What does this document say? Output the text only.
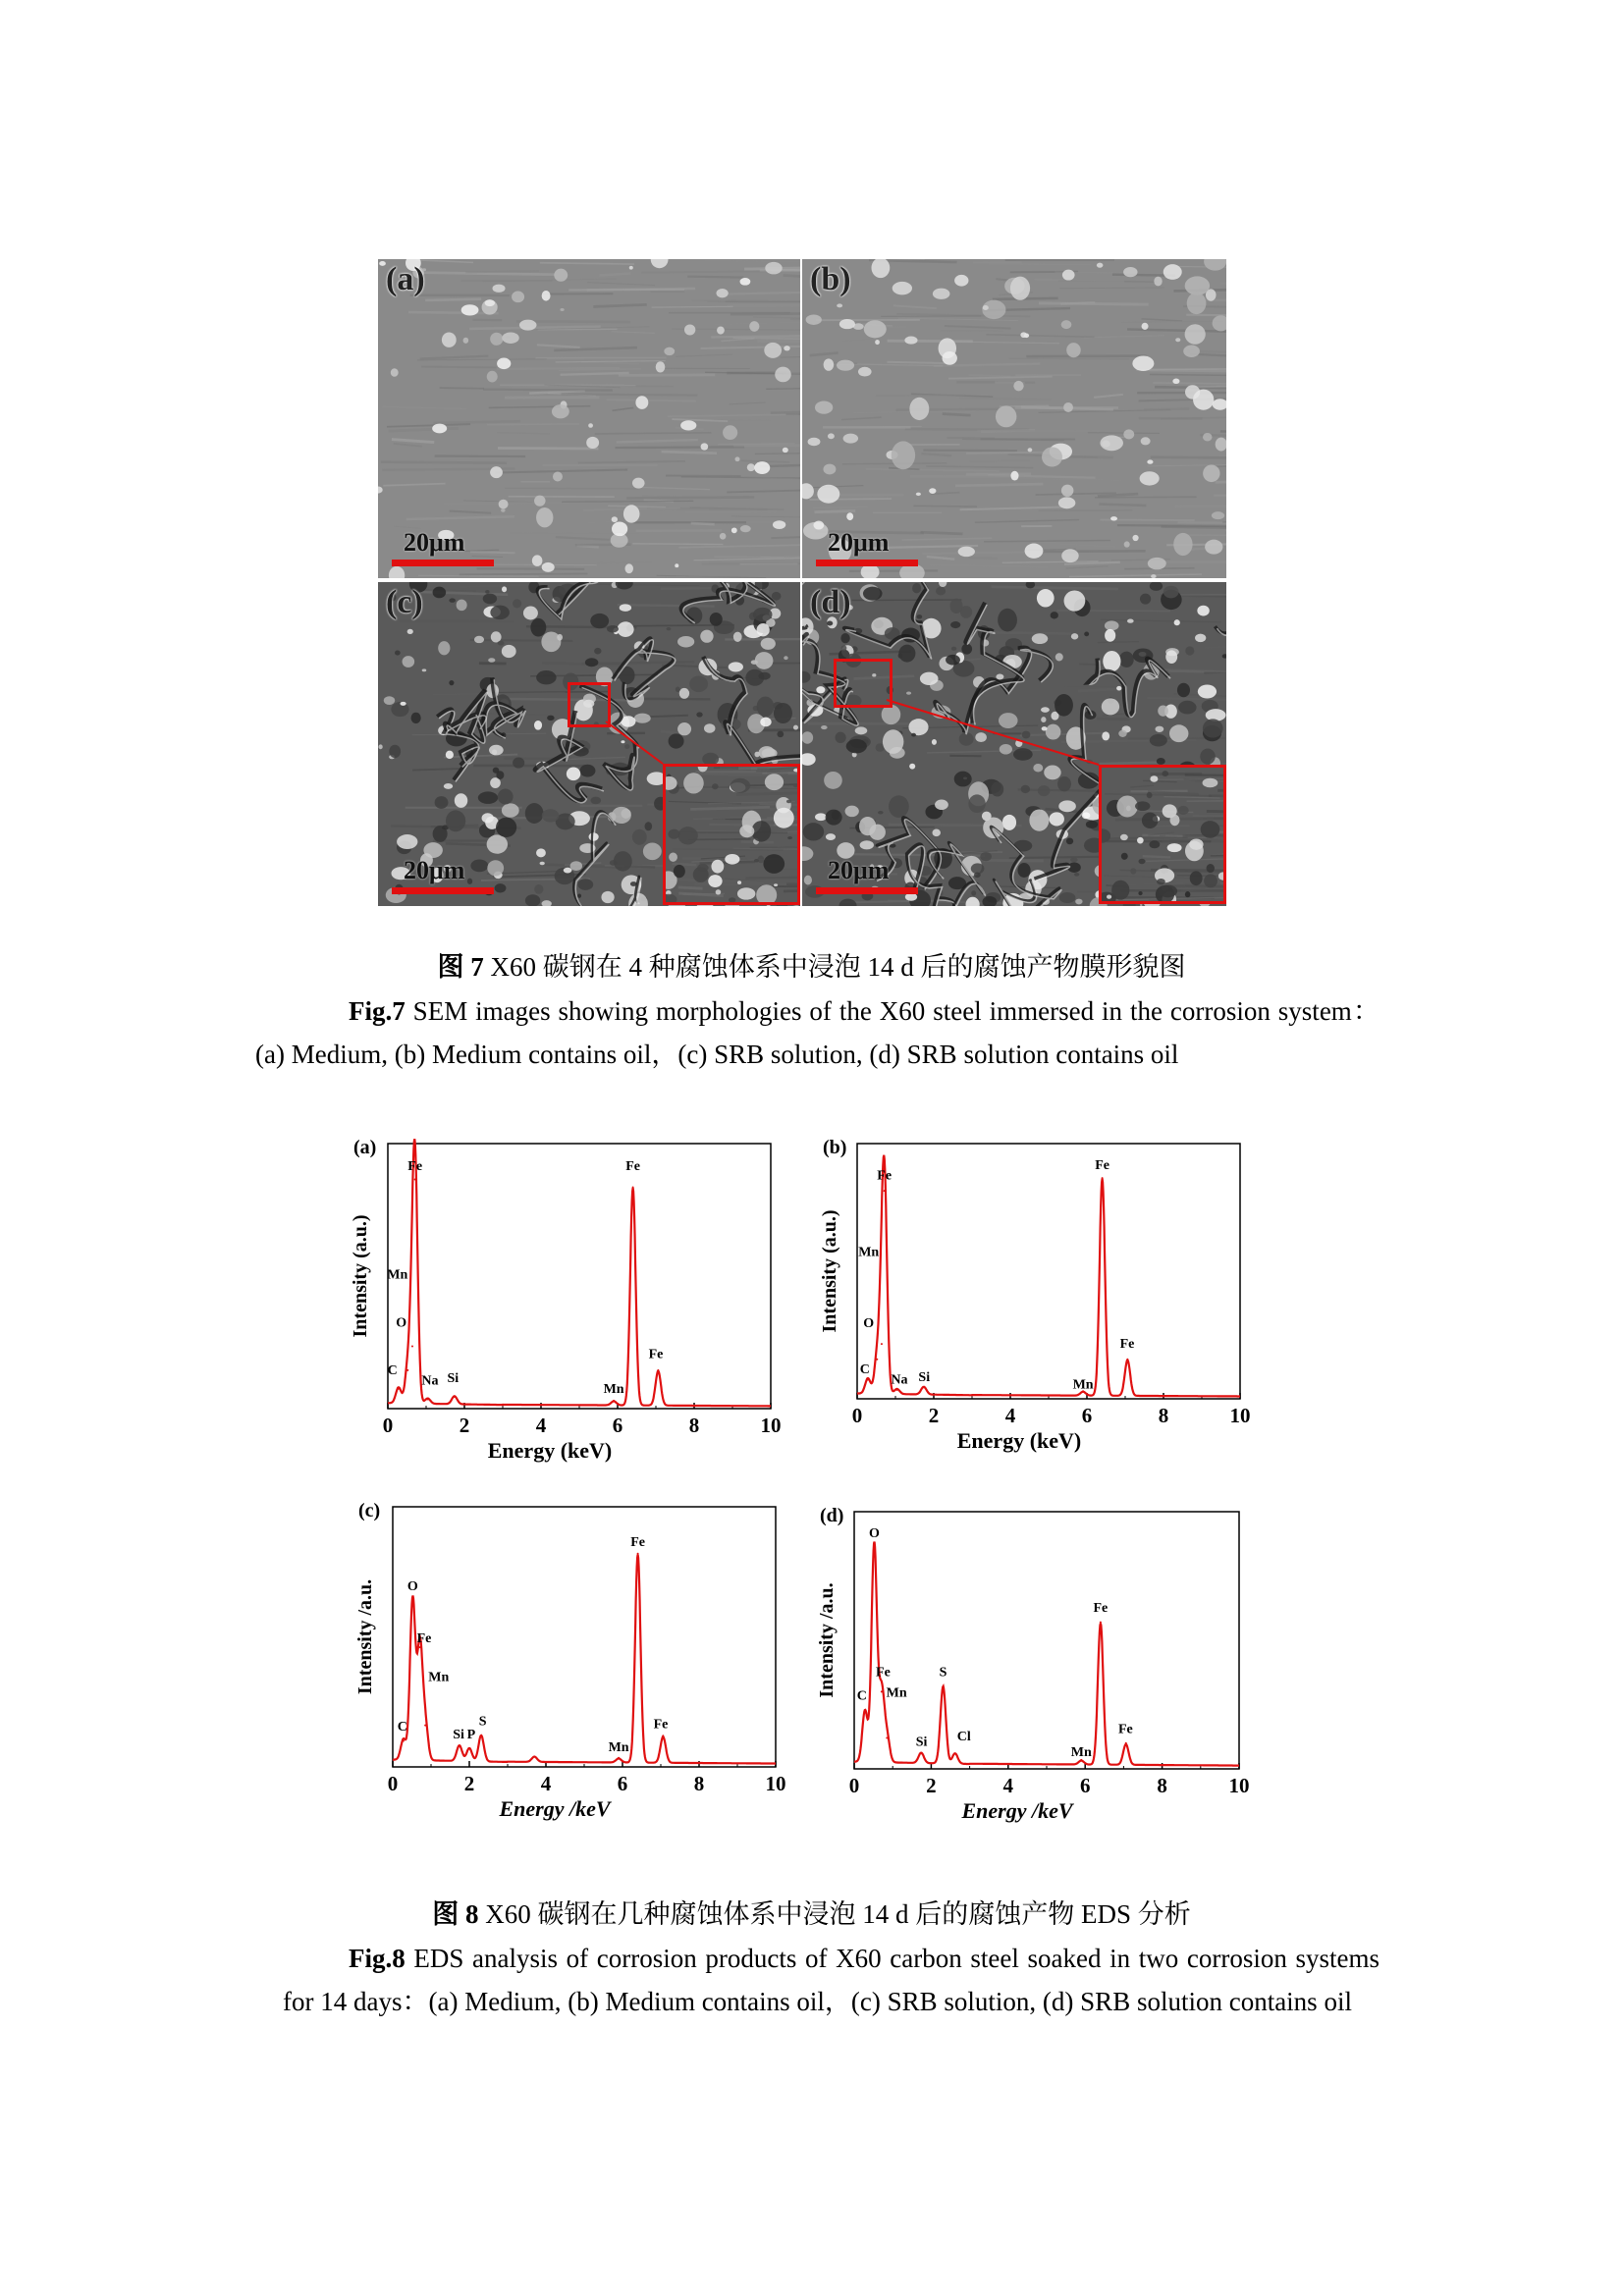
(a)
20μm
(b)
20μm
(c)
20μm
(d)
20μm
图 7 X60 碳钢在 4 种腐蚀体系中浸泡 14 d 后的腐蚀产物膜形貌图
Fig.7 SEM images showing morphologies of the X60 steel immersed in the corrosion system：(a) Medium, (b) Medium contains oil，(c) SRB solution, (d) SRB solution contains oil
0	2	4	6	8	10
Fe
Mn
O
C
Na Si
Mn
Fe
Fe
(a)
Energy (keV)
Intensity (a.u.)
0	2	4	6	8	10
Fe
Mn
O
C
Na Si
Mn
Fe
Fe
(b)
Energy (keV)
Intensity (a.u.)
0	2	4	6	8	10
O
Fe
Mn
C
Si P
S
Mn
Fe
Fe
(c)
Energy /keV
Intensity /a.u.
0	2	4	6	8	10
O
Fe
Mn
C
Si
S
Cl
Mn
Fe
Fe
(d)
Energy /keV
Intensity /a.u.
图 8 X60 碳钢在几种腐蚀体系中浸泡 14 d 后的腐蚀产物 EDS 分析
Fig.8 EDS analysis of corrosion products of X60 carbon steel soaked in two corrosion systems for 14 days：(a) Medium, (b) Medium contains oil，(c) SRB solution, (d) SRB solution contains oil
